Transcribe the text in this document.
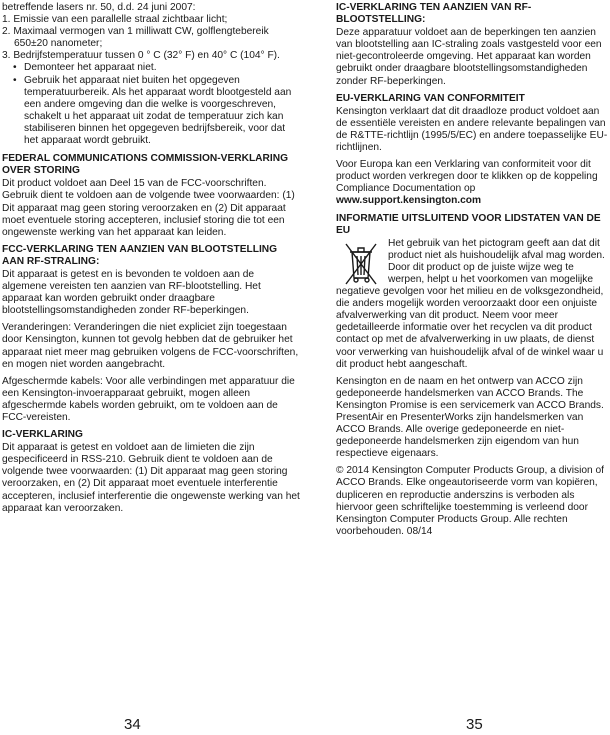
betreffende lasers nr. 50, d.d. 24 juni 2007:

1. Emissie van een parallelle straal zichtbaar licht;

2. Maximaal vermogen van 1 milliwatt CW, golflengtebereik 650±20 nanometer;

3. Bedrijfstemperatuur tussen 0 ° C (32° F) en 40° C (104° F).

• Demonteer het apparaat niet.

• Gebruik het apparaat niet buiten het opgegeven temperatuurbereik. Als het apparaat wordt blootgesteld aan een andere omgeving dan die welke is voorgeschreven, schakelt u het apparaat uit zodat de temperatuur zich kan stabiliseren binnen het opgegeven bedrijfsbereik, voor dat het apparaat wordt gebruikt.

FEDERAL COMMUNICATIONS COMMISSION-VERKLARING OVER STORING

Dit product voldoet aan Deel 15 van de FCC-voorschriften. Gebruik dient te voldoen aan de volgende twee voorwaarden: (1) Dit apparaat mag geen storing veroorzaken en (2) Dit apparaat moet eventuele storing accepteren, inclusief storing die tot een ongewenste werking van het apparaat kan leiden.

FCC-VERKLARING TEN AANZIEN VAN BLOOTSTELLING AAN RF-STRALING:

Dit apparaat is getest en is bevonden te voldoen aan de algemene vereisten ten aanzien van RF-blootstelling. Het apparaat kan worden gebruikt onder draagbare blootstellingsomstandigheden zonder RF-beperkingen.

Veranderingen: Veranderingen die niet expliciet zijn toegestaan door Kensington, kunnen tot gevolg hebben dat de gebruiker het apparaat niet meer mag gebruiken volgens de FCC-voorschriften, en mogen niet worden aangebracht.

Afgeschermde kabels: Voor alle verbindingen met apparatuur die een Kensington-invoerapparaat gebruikt, mogen alleen afgeschermde kabels worden gebruikt, om te voldoen aan de FCC-vereisten.

IC-VERKLARING

Dit apparaat is getest en voldoet aan de limieten die zijn gespecificeerd in RSS-210. Gebruik dient te voldoen aan de volgende twee voorwaarden: (1) Dit apparaat mag geen storing veroorzaken, en (2) Dit apparaat moet eventuele interferentie accepteren, inclusief interferentie die ongewenste werking van het apparaat kan veroorzaken.

34
IC-VERKLARING TEN AANZIEN VAN RF-BLOOTSTELLING:

Deze apparatuur voldoet aan de beperkingen ten aanzien van blootstelling aan IC-straling zoals vastgesteld voor een niet-gecontroleerde omgeving. Het apparaat kan worden gebruikt onder draagbare blootstellingsomstandigheden zonder RF-beperkingen.

EU-VERKLARING VAN CONFORMITEIT

Kensington verklaart dat dit draadloze product voldoet aan de essentiële vereisten en andere relevante bepalingen van de R&TTE-richtlijn (1995/5/EC) en andere toepasselijke EU-richtlijnen.

Voor Europa kan een Verklaring van conformiteit voor dit product worden verkregen door te klikken op de koppeling Compliance Documentation op www.support.kensington.com

INFORMATIE UITSLUITEND VOOR LIDSTATEN VAN DE EU

Het gebruik van het pictogram geeft aan dat dit product niet als huishoudelijk afval mag worden. Door dit product op de juiste wijze weg te werpen, helpt u het voorkomen van mogelijke negatieve gevolgen voor het milieu en de volksgezondheid, die anders mogelijk worden veroorzaakt door een onjuiste afvalverwerking van dit product. Neem voor meer gedetailleerde informatie over het recyclen va dit product contact op met de afvalverwerking in uw plaats, de dienst voor verwerking van huishoudelijk afval of de winkel waar u dit product hebt aangeschaft.

Kensington en de naam en het ontwerp van ACCO zijn gedeponeerde handelsmerken van ACCO Brands. The Kensington Promise is een servicemerk van ACCO Brands. PresentAir en PresenterWorks zijn handelsmerken van ACCO Brands. Alle overige gedeponeerde en niet-gedeponeerde handelsmerken zijn eigendom van hun respectieve eigenaars.

© 2014 Kensington Computer Products Group, a division of ACCO Brands. Elke ongeautoriseerde vorm van kopiëren, dupliceren en reproductie anderszins is verboden als hiervoor geen schriftelijke toestemming is verleend door Kensington Computer Products Group. Alle rechten voorbehouden. 08/14

35
